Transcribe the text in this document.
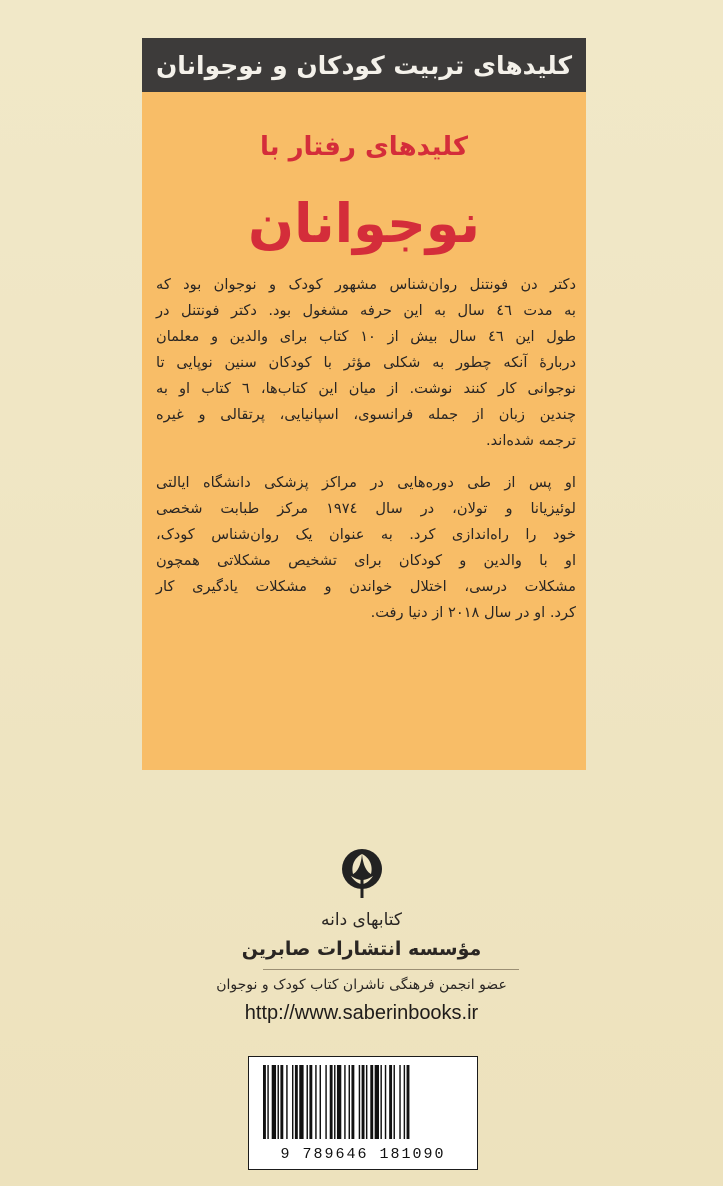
کلیدهای تربیت کودکان و نوجوانان
کلیدهای رفتار با
نوجوانان
دکتر دن فونتنل روان‌شناس مشهور کودک و نوجوان بود که
به مدت ٤٦ سال به این حرفه مشغول بود. دکتر فونتنل در
طول این ٤٦ سال بیش از ١٠ کتاب برای والدین و معلمان
دربارهٔ آنکه چطور به شکلی مؤثر با کودکان سنین نوپایی تا
نوجوانی کار کنند نوشت. از میان این کتاب‌ها، ٦ کتاب او به
چندین زبان از جمله فرانسوی، اسپانیایی، پرتقالی و غیره
ترجمه شده‌اند.
او پس از طی دوره‌هایی در مراکز پزشکی دانشگاه ایالتی
لوئیزیانا و تولان، در سال ١٩٧٤ مرکز طبابت شخصی
خود را راه‌اندازی کرد. به عنوان یک روان‌شناس کودک،
او با والدین و کودکان برای تشخیص مشکلاتی همچون
مشکلات درسی، اختلال خواندن و مشکلات یادگیری کار
کرد. او در سال ٢٠١٨ از دنیا رفت.
کتابهای دانه
مؤسسه انتشارات صابرین
عضو انجمن فرهنگی ناشران کتاب کودک و نوجوان
http://www.saberinbooks.ir
9 789646 181090
